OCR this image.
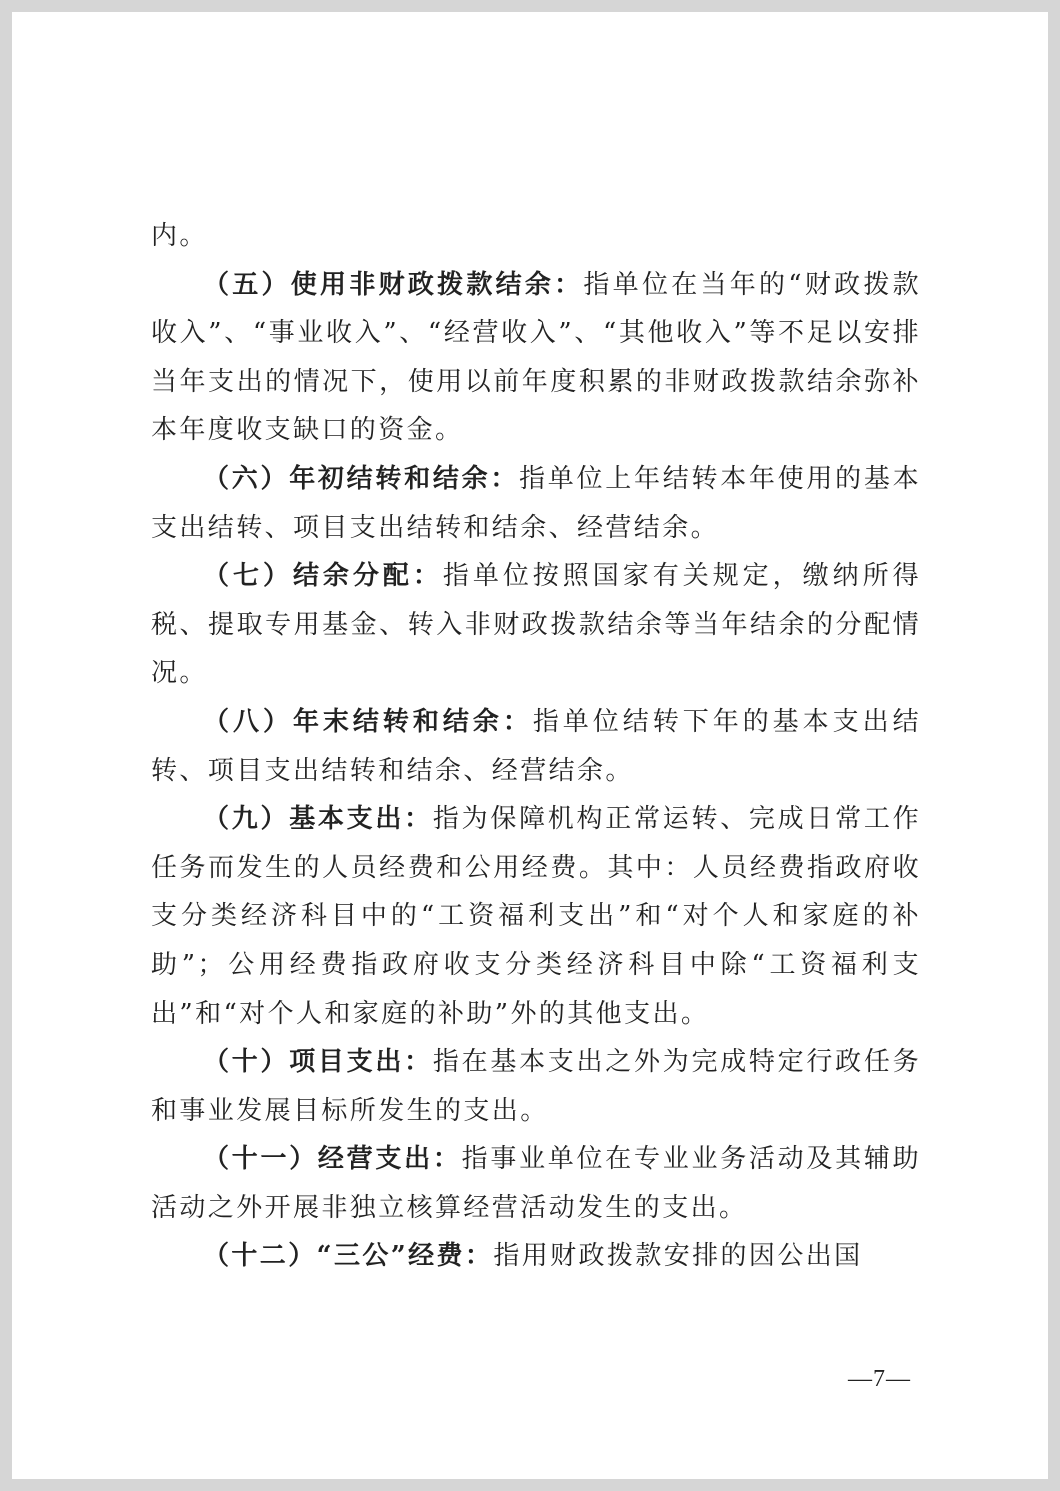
内。

（五）使用非财政拨款结余：指单位在当年的“财政拨款收入”、“事业收入”、“经营收入”、“其他收入”等不足以安排当年支出的情况下，使用以前年度积累的非财政拨款结余弥补本年度收支缺口的资金。

（六）年初结转和结余：指单位上年结转本年使用的基本支出结转、项目支出结转和结余、经营结余。

（七）结余分配：指单位按照国家有关规定，缴纳所得税、提取专用基金、转入非财政拨款结余等当年结余的分配情况。

（八）年末结转和结余：指单位结转下年的基本支出结转、项目支出结转和结余、经营结余。

（九）基本支出：指为保障机构正常运转、完成日常工作任务而发生的人员经费和公用经费。其中：人员经费指政府收支分类经济科目中的“工资福利支出”和“对个人和家庭的补助”；公用经费指政府收支分类经济科目中除“工资福利支出”和“对个人和家庭的补助”外的其他支出。

（十）项目支出：指在基本支出之外为完成特定行政任务和事业发展目标所发生的支出。

（十一）经营支出：指事业单位在专业业务活动及其辅助活动之外开展非独立核算经营活动发生的支出。

（十二）“三公”经费：指用财政拨款安排的因公出国

—7—
